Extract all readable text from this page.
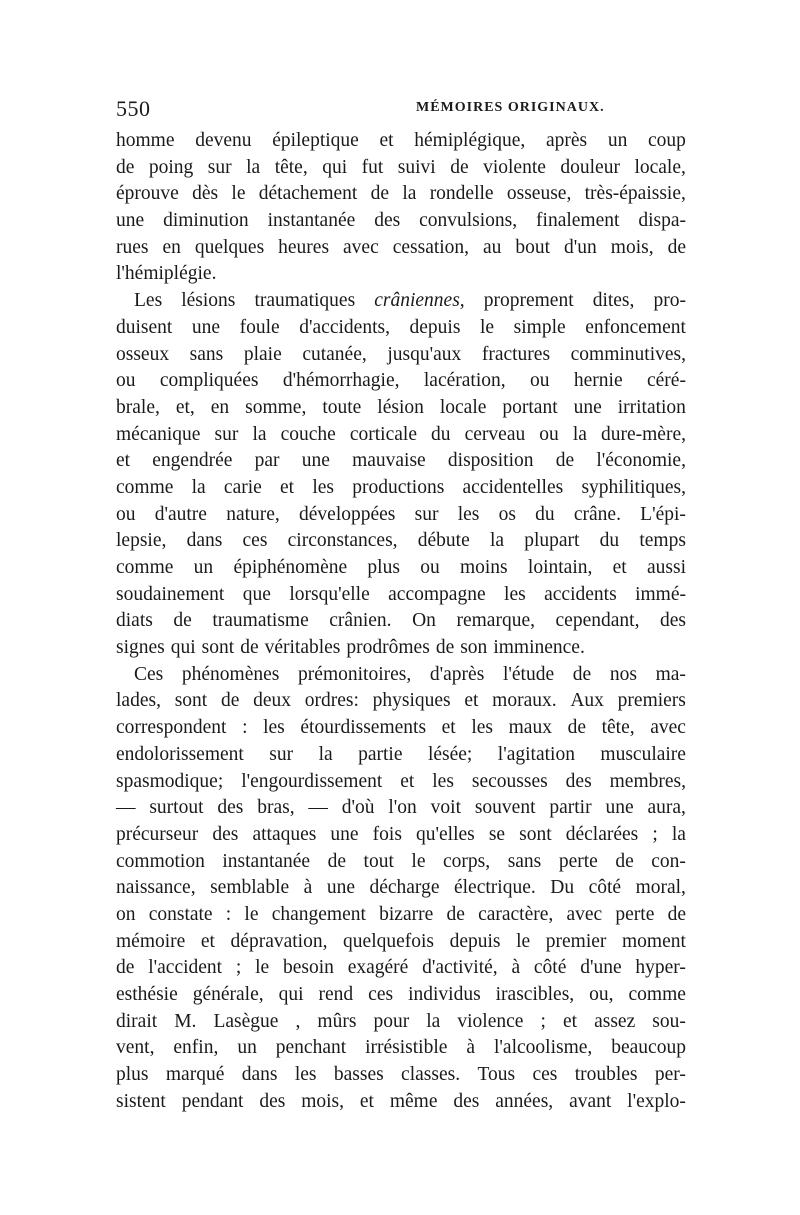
550	MÉMOIRES ORIGINAUX.
homme devenu épileptique et hémiplégique, après un coup
de poing sur la tête, qui fut suivi de violente douleur locale,
éprouve dès le détachement de la rondelle osseuse, très-épaissie,
une diminution instantanée des convulsions, finalement dispa-
rues en quelques heures avec cessation, au bout d'un mois, de
l'hémiplégie.
Les lésions traumatiques crâniennes, proprement dites, pro-
duisent une foule d'accidents, depuis le simple enfoncement
osseux sans plaie cutanée, jusqu'aux fractures comminutives,
ou compliquées d'hémorrhagie, lacération, ou hernie céré-
brale, et, en somme, toute lésion locale portant une irritation
mécanique sur la couche corticale du cerveau ou la dure-mère,
et engendrée par une mauvaise disposition de l'économie,
comme la carie et les productions accidentelles syphilitiques,
ou d'autre nature, développées sur les os du crâne. L'épi-
lepsie, dans ces circonstances, débute la plupart du temps
comme un épiphénomène plus ou moins lointain, et aussi
soudainement que lorsqu'elle accompagne les accidents immé-
diats de traumatisme crânien. On remarque, cependant, des
signes qui sont de véritables prodrômes de son imminence.
Ces phénomènes prémonitoires, d'après l'étude de nos ma-
lades, sont de deux ordres: physiques et moraux. Aux premiers
correspondent : les étourdissements et les maux de tête, avec
endolorissement sur la partie lésée; l'agitation musculaire
spasmodique; l'engourdissement et les secousses des membres,
— surtout des bras, — d'où l'on voit souvent partir une aura,
précurseur des attaques une fois qu'elles se sont déclarées ; la
commotion instantanée de tout le corps, sans perte de con-
naissance, semblable à une décharge électrique. Du côté moral,
on constate : le changement bizarre de caractère, avec perte de
mémoire et dépravation, quelquefois depuis le premier moment
de l'accident ; le besoin exagéré d'activité, à côté d'une hyper-
esthésie générale, qui rend ces individus irascibles, ou, comme
dirait M. Lasègue , mûrs pour la violence ; et assez sou-
vent, enfin, un penchant irrésistible à l'alcoolisme, beaucoup
plus marqué dans les basses classes. Tous ces troubles per-
sistent pendant des mois, et même des années, avant l'explo-
